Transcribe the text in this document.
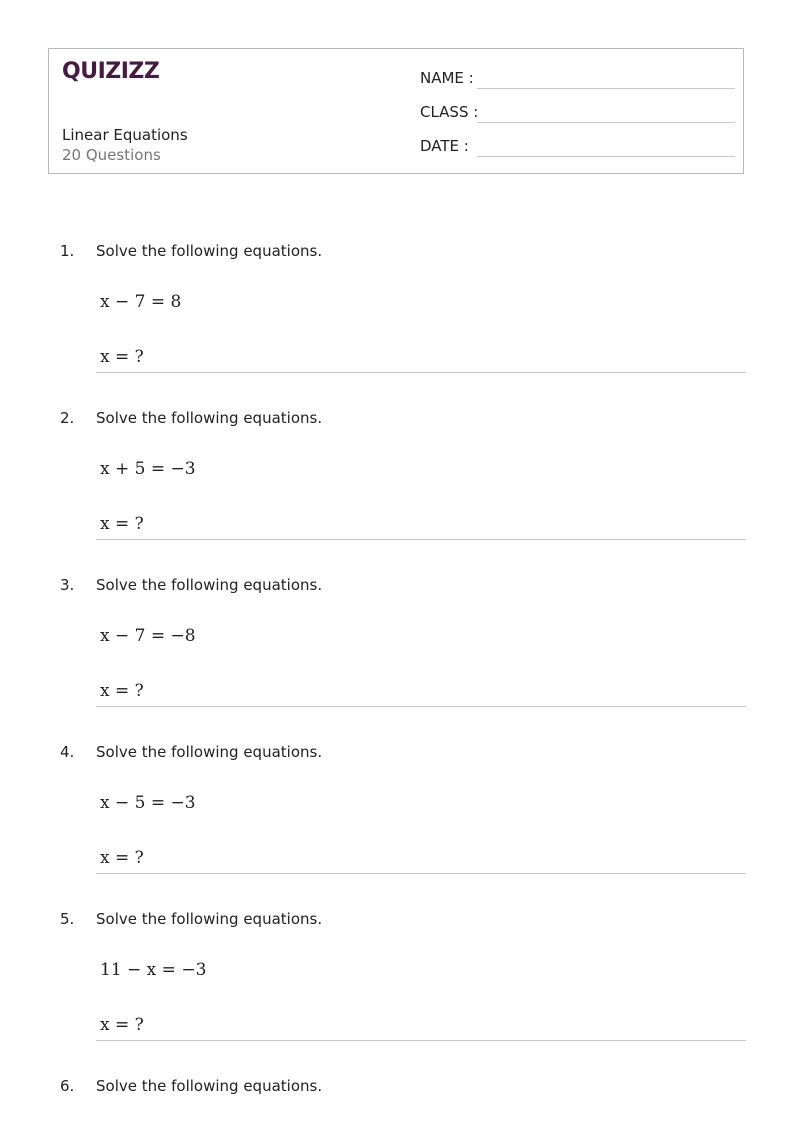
QUIZIZZ
Linear Equations
20 Questions
NAME :
CLASS :
DATE :
1. Solve the following equations.
x − 7 = 8
x = ?
2. Solve the following equations.
x + 5 = −3
x = ?
3. Solve the following equations.
x − 7 = −8
x = ?
4. Solve the following equations.
x − 5 = −3
x = ?
5. Solve the following equations.
11 − x = −3
x = ?
6. Solve the following equations.
